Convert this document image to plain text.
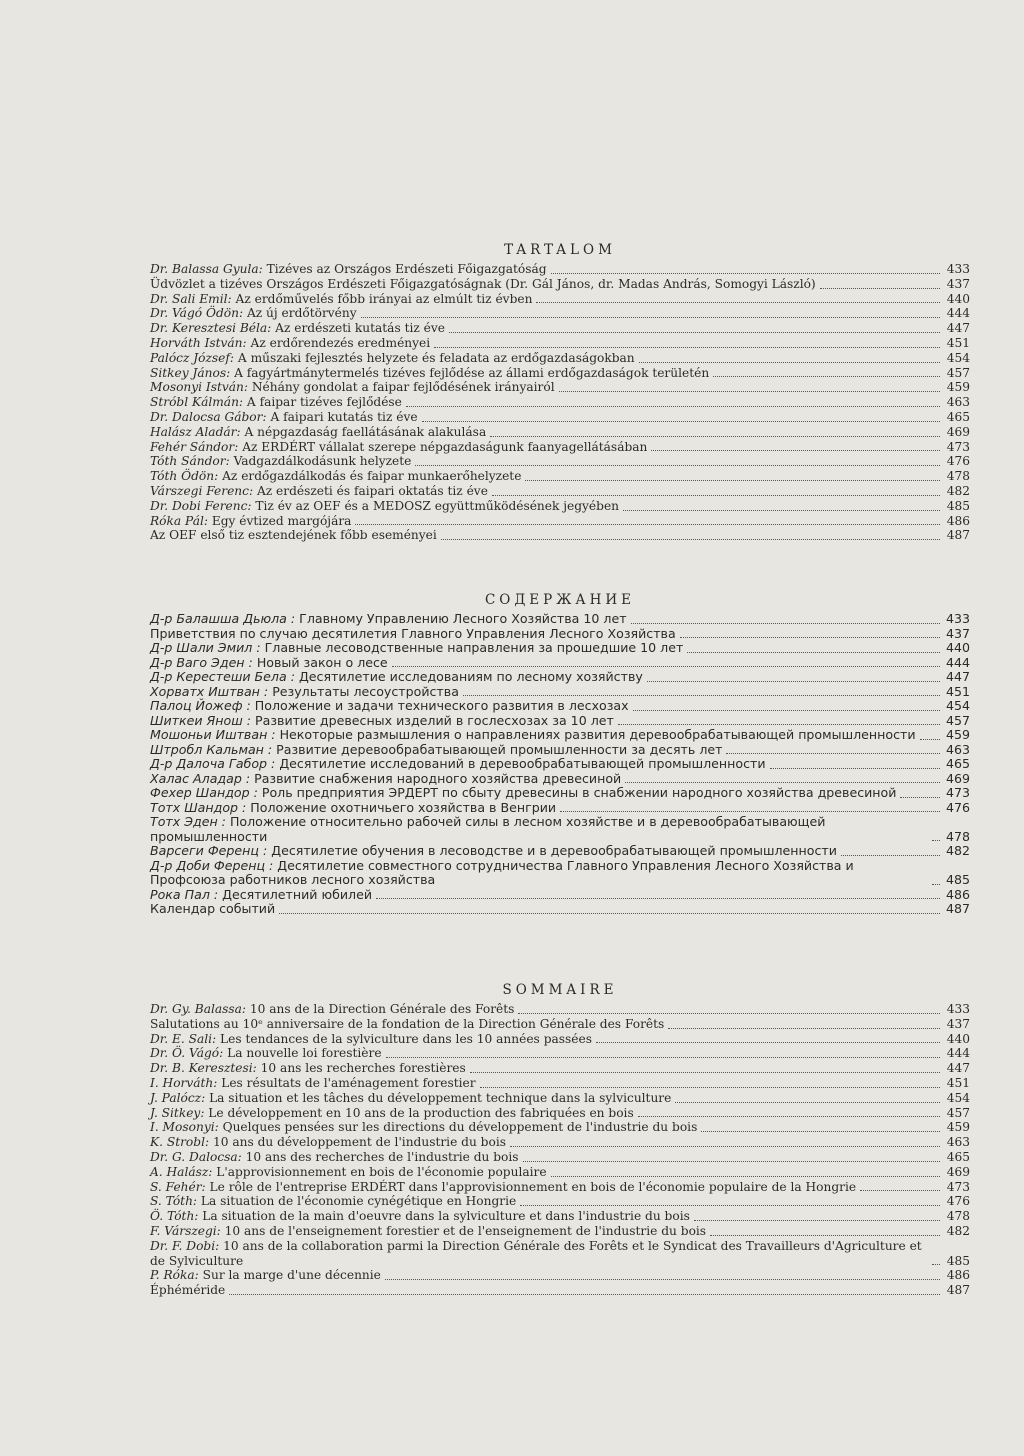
TARTALOM
Dr. Balassa Gyula: Tizéves az Országos Erdészeti Főigazgatóság	433
Üdvözlet a tizéves Országos Erdészeti Főigazgatóságnak (Dr. Gál János, dr. Madas András, Somogyi László)	437
Dr. Sali Emil: Az erdőművelés főbb irányai az elmúlt tiz évben	440
Dr. Vágó Ödön: Az új erdőtörvény	444
Dr. Keresztesi Béla: Az erdészeti kutatás tiz éve	447
Horváth István: Az erdőrendezés eredményei	451
Palócz József: A műszaki fejlesztés helyzete és feladata az erdőgazdaságokban	454
Sitkey János: A fagyártmánytermelés tizéves fejlődése az állami erdőgazdaságok területén	457
Mosonyi István: Néhány gondolat a faipar fejlődésének irányairól	459
Stróbl Kálmán: A faipar tizéves fejlődése	463
Dr. Dalocsa Gábor: A faipari kutatás tiz éve	465
Halász Aladár: A népgazdaság faellátásának alakulása	469
Fehér Sándor: Az ERDÉRT vállalat szerepe népgazdaságunk faanyagellátásában	473
Tóth Sándor: Vadgazdálkodásunk helyzete	476
Tóth Ödön: Az erdőgazdálkodás és faipar munkaerőhelyzete	478
Várszegi Ferenc: Az erdészeti és faipari oktatás tiz éve	482
Dr. Dobi Ferenc: Tiz év az OEF és a MEDOSZ együttműködésének jegyében	485
Róka Pál: Egy évtized margójára	486
Az OEF első tiz esztendejének főbb eseményei	487
СОДЕРЖАНИЕ
Д-р Балашша Дьюла : Главному Управлению Лесного Хозяйства 10 лет	433
Приветствия по случаю десятилетия Главного Управления Лесного Хозяйства	437
Д-р Шали Эмил : Главные лесоводственные направления за прошедшие 10 лет	440
Д-р Ваго Эден : Новый закон о лесе	444
Д-р Керестеши Бела : Десятилетие исследованиям по лесному хозяйству	447
Хорватх Иштван : Результаты лесоустройства	451
Палоц Йожеф : Положение и задачи технического развития в лесхозах	454
Шиткеи Янош : Развитие древесных изделий в гослесхозах за 10 лет	457
Мошоньи Иштван : Некоторые размышления о направлениях развития деревообрабатывающей промышленности 459
Штробл Кальман : Развитие деревообрабатывающей промышленности за десять лет	463
Д-р Далоча Габор : Десятилетие исследований в деревообрабатывающей промышленности	465
Халас Аладар : Развитие снабжения народного хозяйства древесиной	469
Фехер Шандор : Роль предприятия ЭРДЕРТ по сбыту древесины в снабжении народного хозяйства древесиной	473
Тотх Шандор : Положение охотничьего хозяйства в Венгрии	476
Тотх Эден : Положение относительно рабочей силы в лесном хозяйстве и в деревообрабатывающей промышленности	478
Варсеги Ференц : Десятилетие обучения в лесоводстве и в деревообрабатывающей промышленности	482
Д-р Доби Ференц : Десятилетие совместного сотрудничества Главного Управления Лесного Хозяйства и Профсоюза работников лесного хозяйства	485
Рока Пал : Десятилетний юбилей	486
Календар событий	487
SOMMAIRE
Dr. Gy. Balassa: 10 ans de la Direction Générale des Forêts	433
Salutations au 10ᵉ anniversaire de la fondation de la Direction Générale des Forêts	437
Dr. E. Sali: Les tendances de la sylviculture dans les 10 années passées	440
Dr. Ö. Vágó: La nouvelle loi forestière	444
Dr. B. Keresztesi: 10 ans les recherches forestières	447
I. Horváth: Les résultats de l'aménagement forestier	451
J. Palócz: La situation et les tâches du développement technique dans la sylviculture	454
J. Sitkey: Le développement en 10 ans de la production des fabriquées en bois	457
I. Mosonyi: Quelques pensées sur les directions du développement de l'industrie du bois	459
K. Strobl: 10 ans du développement de l'industrie du bois	463
Dr. G. Dalocsa: 10 ans des recherches de l'industrie du bois	465
A. Halász: L'approvisionnement en bois de l'économie populaire	469
S. Fehér: Le rôle de l'entreprise ERDÉRT dans l'approvisionnement en bois de l'économie populaire de la Hongrie	473
S. Tóth: La situation de l'économie cynégétique en Hongrie	476
Ö. Tóth: La situation de la main d'oeuvre dans la sylviculture et dans l'industrie du bois	478
F. Várszegi: 10 ans de l'enseignement forestier et de l'enseignement de l'industrie du bois	482
Dr. F. Dobi: 10 ans de la collaboration parmi la Direction Générale des Forêts et le Syndicat des Travailleurs d'Agriculture et de Sylviculture	485
P. Róka: Sur la marge d'une décennie	486
Éphéméride	487
